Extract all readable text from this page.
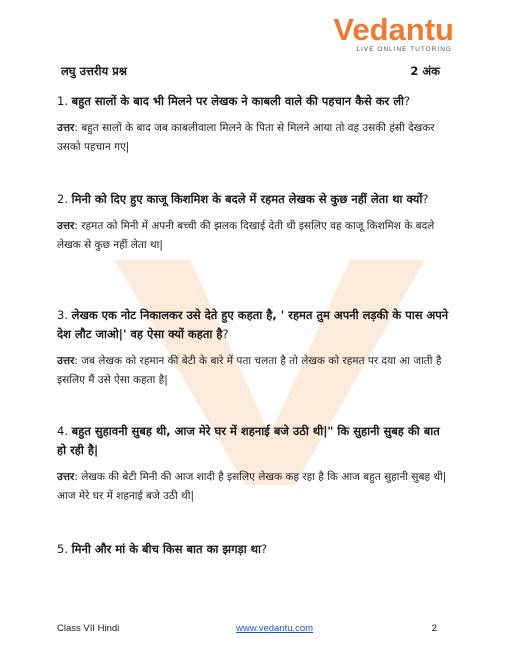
Vedantu
LIVE ONLINE TUTORING
लघु उत्तरीय प्रश्न	2 अंक

1. बहुत सालों के बाद भी मिलने पर लेखक ने काबली वाले की पहचान कैसे कर ली?

उत्तर: बहुत सालों के बाद जब काबलीवाला मिलने के पिता से मिलने आया तो वह उसकी हंसी देखकर उसको पहचान गए|

2. मिनी को दिए हुए काजू किशमिश के बदले में रहमत लेखक से कुछ नहीं लेता था क्यों?

उत्तर: रहमत को मिनी में अपनी बच्ची की झलक दिखाई देती थी इसलिए वह काजू किशमिश के बदले लेखक से कुछ नहीं लेता था|

3. लेखक एक नोट निकालकर उसे देते हुए कहता है, ' रहमत तुम अपनी लड़की के पास अपने देश लौट जाओ|' वह ऐसा क्यों कहता है?

उत्तर: जब लेखक को रहमान की बेटी के बारे में पता चलता है तो लेखक को रहमत पर दया आ जाती है इसलिए मैं उसे ऐसा कहता है|

4. बहुत सुहावनी सुबह थी, आज मेरे घर में शहनाई बजे उठी थी|" कि सुहानी सुबह की बात हो रही है|

उत्तर: लेखक की बेटी मिनी की आज शादी है इसलिए लेखक कह रहा है कि आज बहुत सुहानी सुबह थी| आज मेरे घर में शहनाई बजे उठी थी|

5. मिनी और मां के बीच किस बात का झगड़ा था?

Class VII Hindi	www.vedantu.com	2
